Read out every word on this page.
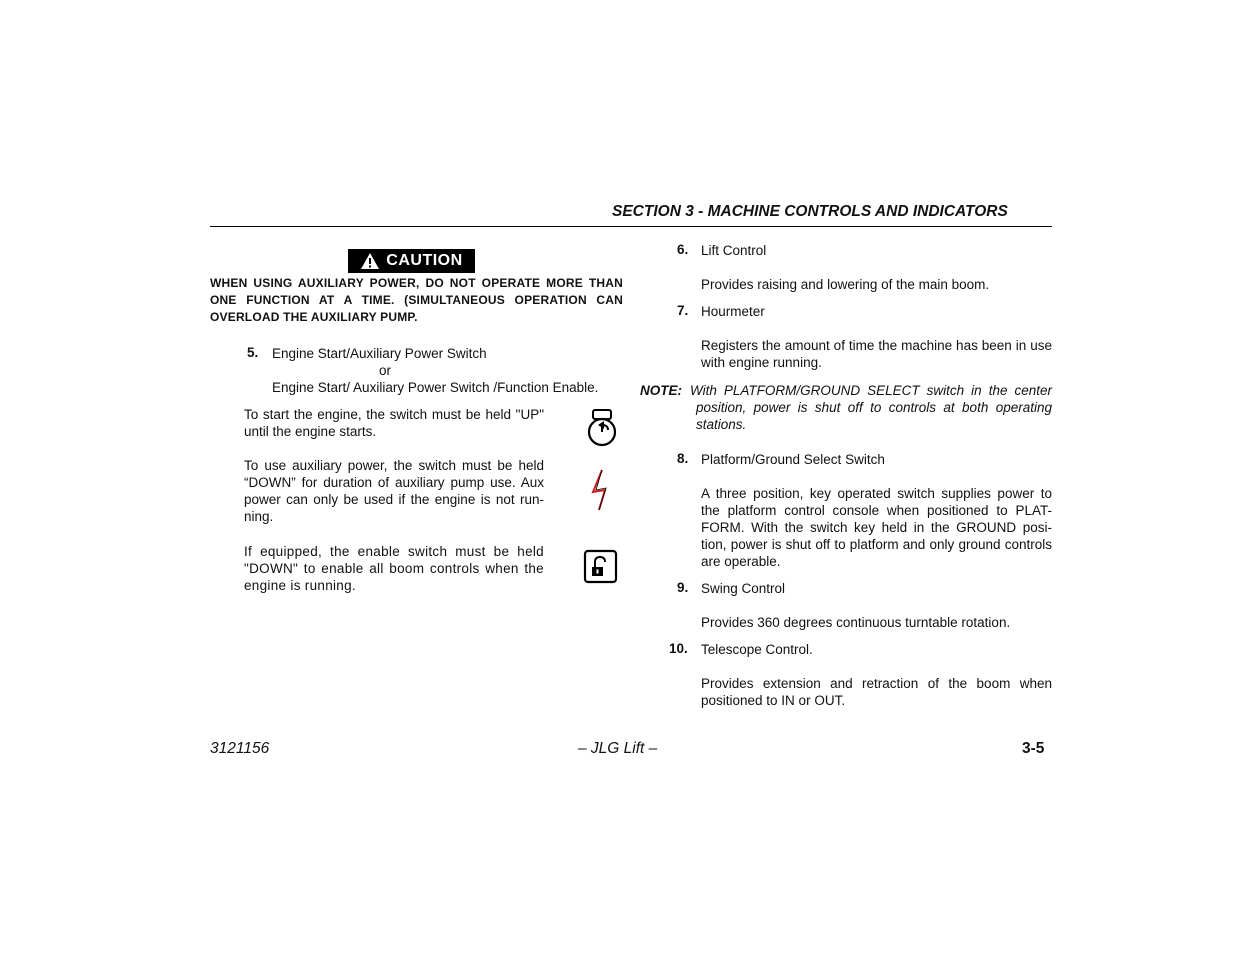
SECTION 3 - MACHINE CONTROLS AND INDICATORS
CAUTION
WHEN USING AUXILIARY POWER, DO NOT OPERATE MORE THAN ONE FUNCTION AT A TIME. (SIMULTANEOUS OPERATION CAN OVERLOAD THE AUXILIARY PUMP.
5. Engine Start/Auxiliary Power Switch
or
Engine Start/ Auxiliary Power Switch /Function Enable.
To start the engine, the switch must be held "UP" until the engine starts.
To use auxiliary power, the switch must be held “DOWN” for duration of auxiliary pump use. Aux power can only be used if the engine is not run-ning.
If equipped, the enable switch must be held "DOWN" to enable all boom controls when the engine is running.
6. Lift Control
Provides raising and lowering of the main boom.
7. Hourmeter
Registers the amount of time the machine has been in use with engine running.
NOTE: With PLATFORM/GROUND SELECT switch in the center position, power is shut off to controls at both operating stations.
8. Platform/Ground Select Switch
A three position, key operated switch supplies power to the platform control console when positioned to PLAT-FORM. With the switch key held in the GROUND posi-tion, power is shut off to platform and only ground controls are operable.
9. Swing Control
Provides 360 degrees continuous turntable rotation.
10. Telescope Control.
Provides extension and retraction of the boom when positioned to IN or OUT.
3121156	– JLG Lift –	3-5
